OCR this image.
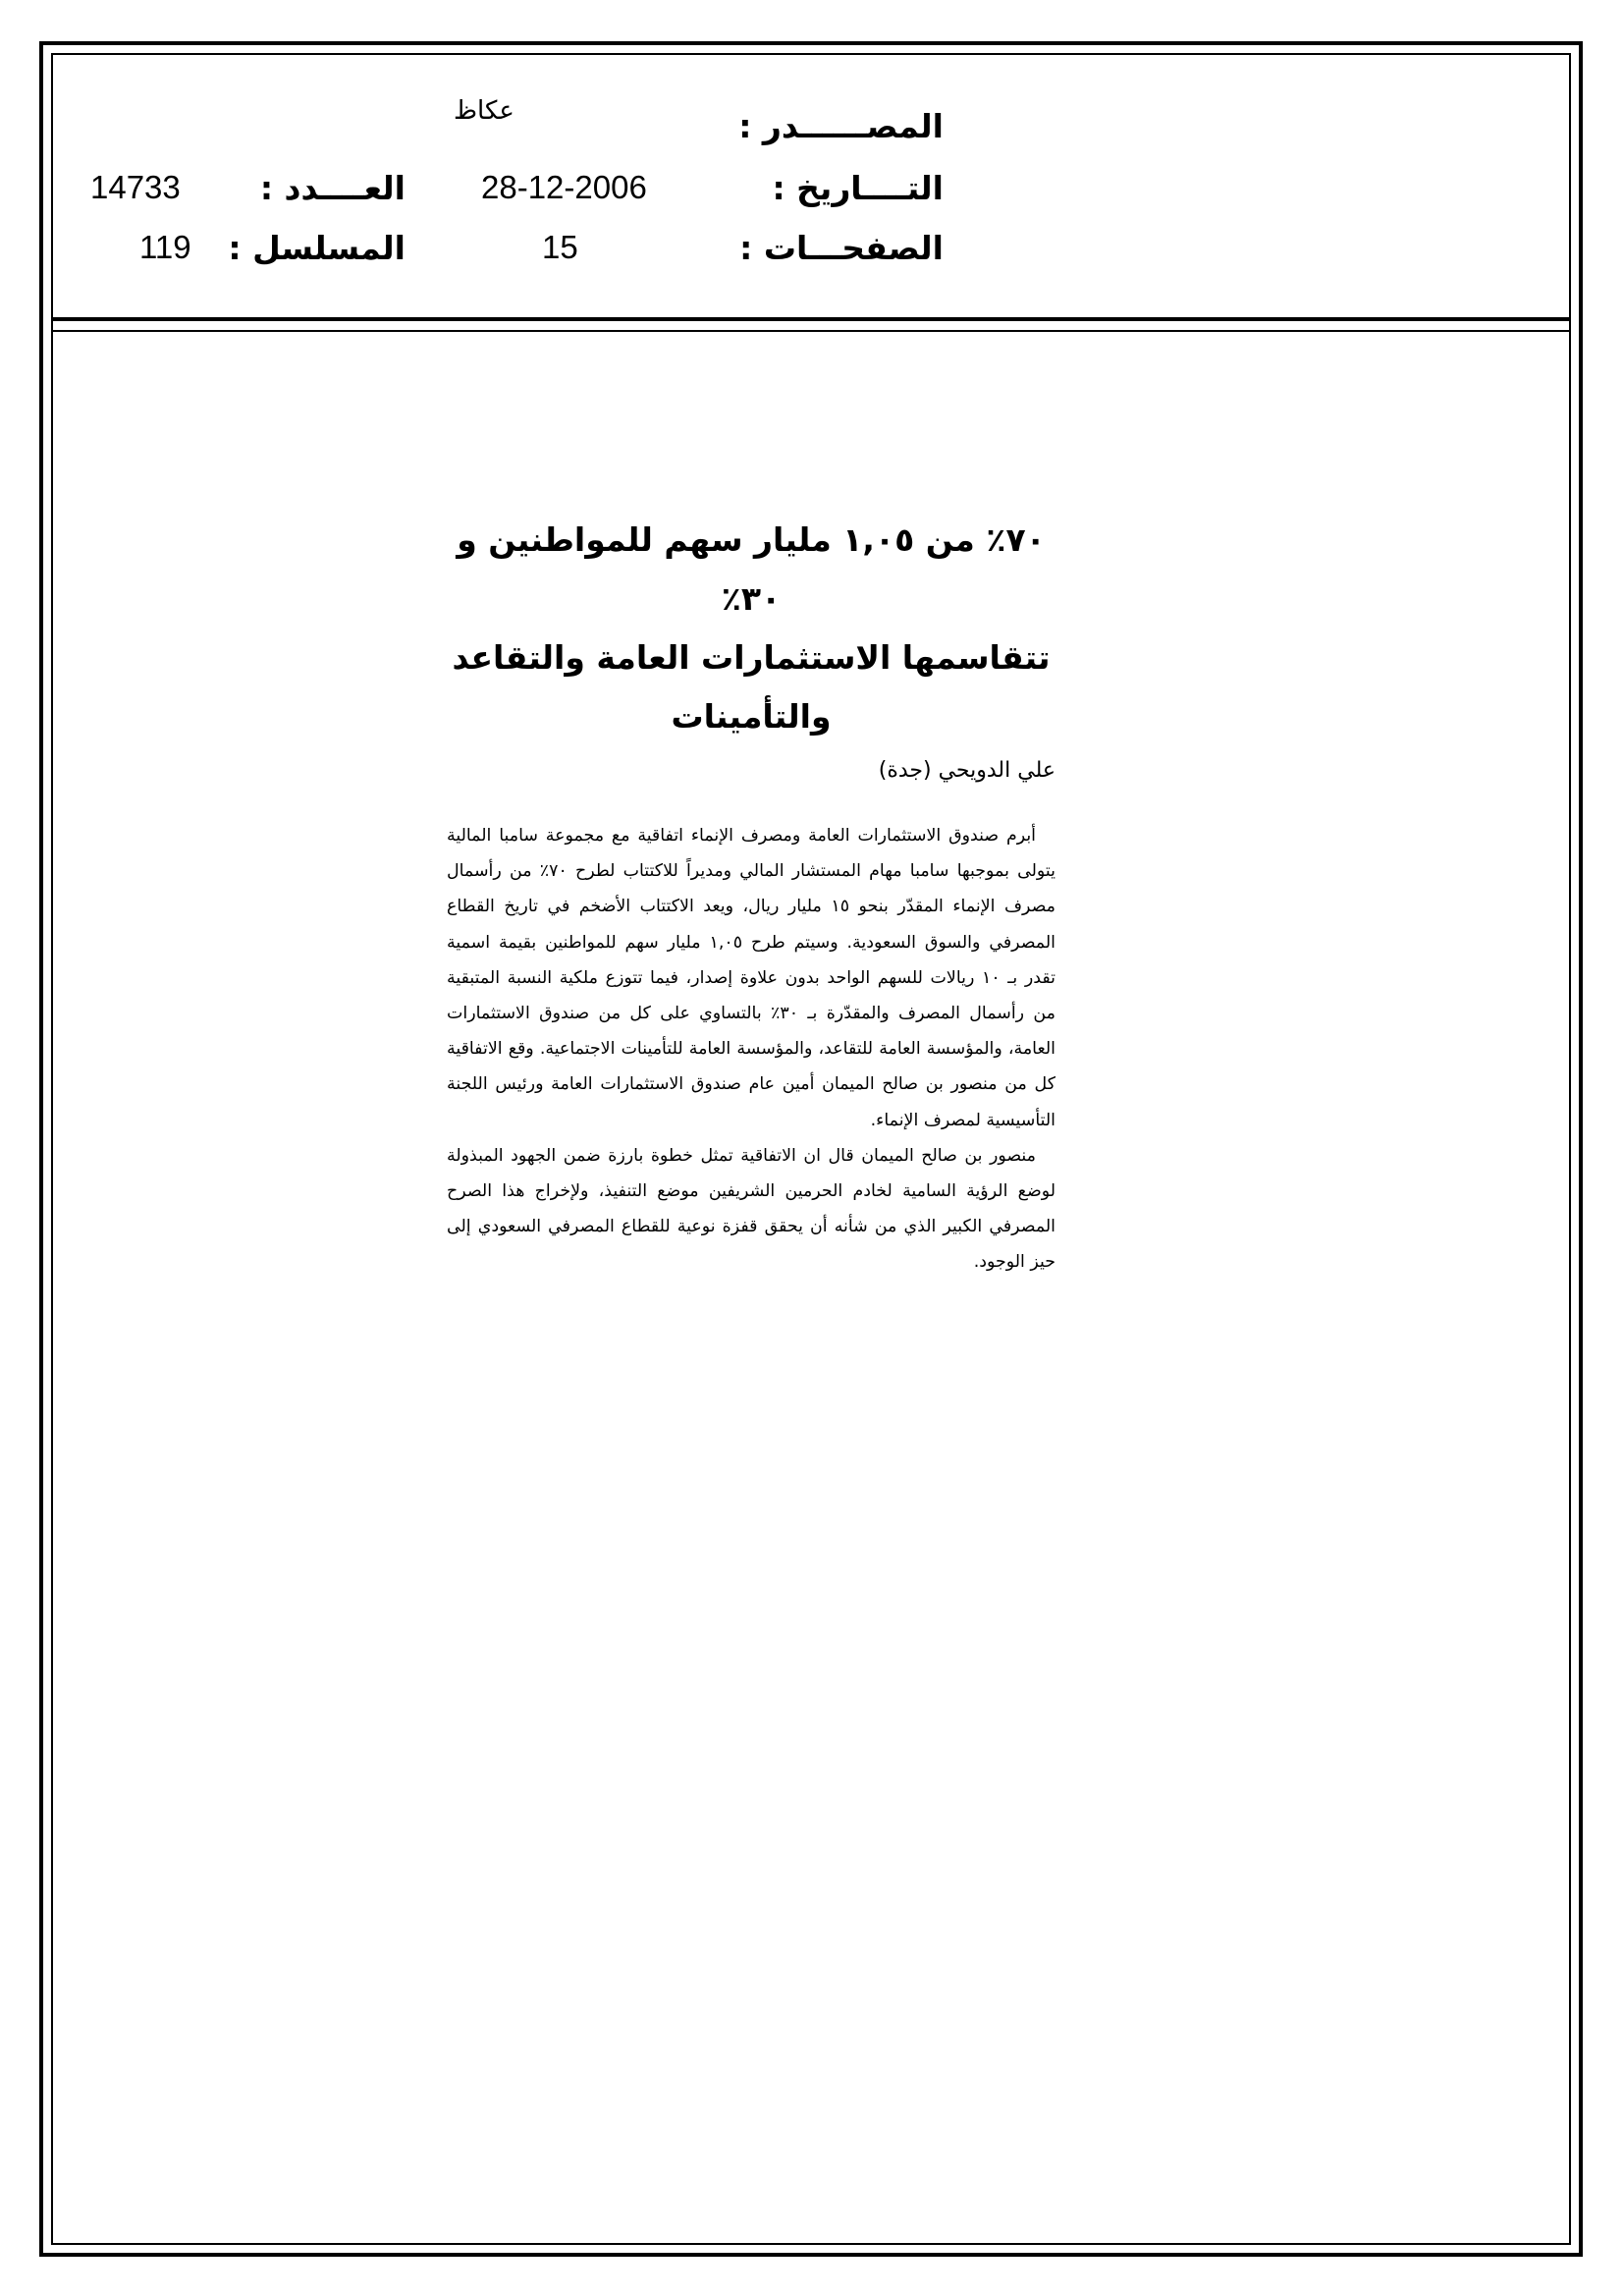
المصــــــدر :
عكاظ
التــــاريخ :
28-12-2006
العــــدد :
14733
الصفحـــات :
15
المسلسل :
119
٧٠٪ من ١,٠٥ مليار سهم للمواطنين و ٣٠٪
تتقاسمها الاستثمارات العامة والتقاعد والتأمينات
علي الدويحي (جدة)

أبرم صندوق الاستثمارات العامة ومصرف الإنماء اتفاقية مع مجموعة سامبا المالية يتولى بموجبها سامبا مهام المستشار المالي ومديراً للاكتتاب لطرح ٧٠٪ من رأسمال مصرف الإنماء المقدّر بنحو ١٥ مليار ريال، ويعد الاكتتاب الأضخم في تاريخ القطاع المصرفي والسوق السعودية. وسيتم طرح ١,٠٥ مليار سهم للمواطنين بقيمة اسمية تقدر بـ ١٠ ريالات للسهم الواحد بدون علاوة إصدار، فيما تتوزع ملكية النسبة المتبقية من رأسمال المصرف والمقدّرة بـ ٣٠٪ بالتساوي على كل من صندوق الاستثمارات العامة، والمؤسسة العامة للتقاعد، والمؤسسة العامة للتأمينات الاجتماعية. وقع الاتفاقية كل من منصور بن صالح الميمان أمين عام صندوق الاستثمارات العامة ورئيس اللجنة التأسيسية لمصرف الإنماء.

منصور بن صالح الميمان قال ان الاتفاقية تمثل خطوة بارزة ضمن الجهود المبذولة لوضع الرؤية السامية لخادم الحرمين الشريفين موضع التنفيذ، ولإخراج هذا الصرح المصرفي الكبير الذي من شأنه أن يحقق قفزة نوعية للقطاع المصرفي السعودي إلى حيز الوجود.
